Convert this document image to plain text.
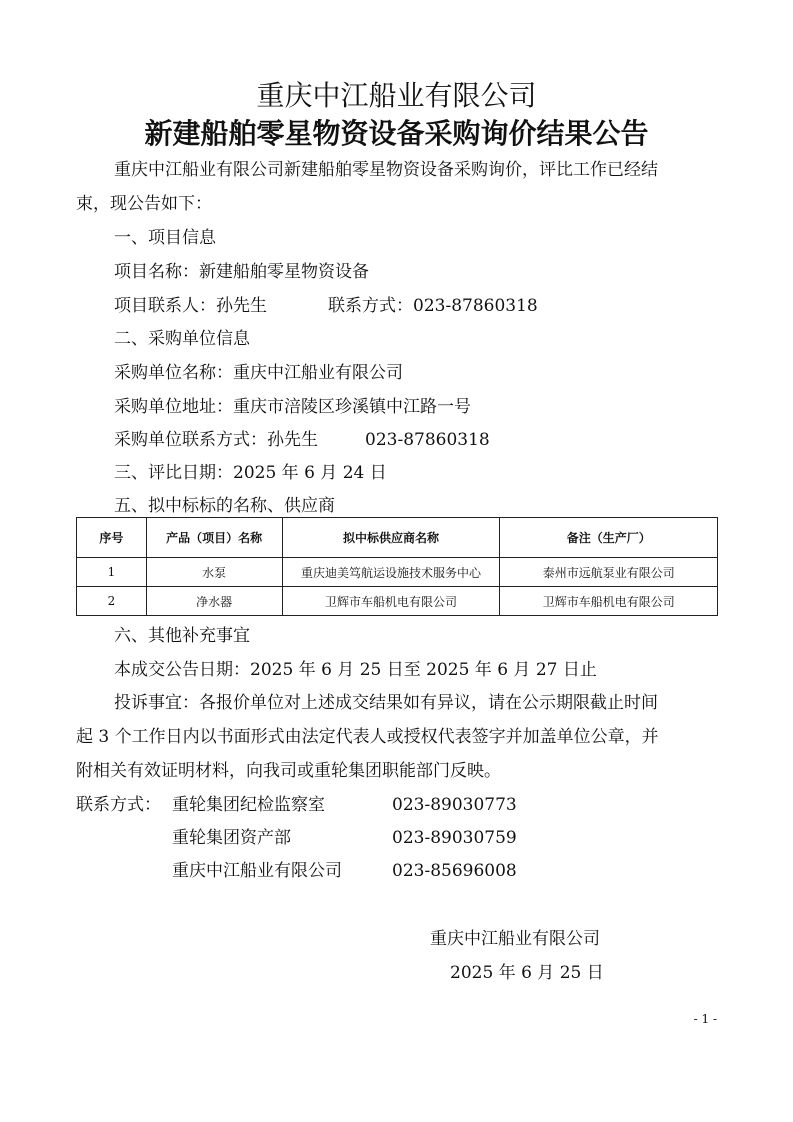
重庆中江船业有限公司
新建船舶零星物资设备采购询价结果公告
重庆中江船业有限公司新建船舶零星物资设备采购询价，评比工作已经结
束，现公告如下：
一、项目信息
项目名称：新建船舶零星物资设备
项目联系人：孙先生	联系方式：023-87860318
二、采购单位信息
采购单位名称：重庆中江船业有限公司
采购单位地址：重庆市涪陵区珍溪镇中江路一号
采购单位联系方式：孙先生	023-87860318
三、评比日期：2025 年 6 月 24 日
五、拟中标标的名称、供应商
序号	产品（项目）名称	拟中标供应商名称	备注（生产厂）
1	水泵	重庆迪美笃航运设施技术服务中心	泰州市远航泵业有限公司
2	净水器	卫辉市车船机电有限公司	卫辉市车船机电有限公司
六、其他补充事宜
本成交公告日期：2025 年 6 月 25 日至 2025 年 6 月 27 日止
投诉事宜：各报价单位对上述成交结果如有异议，请在公示期限截止时间
起 3 个工作日内以书面形式由法定代表人或授权代表签字并加盖单位公章，并
附相关有效证明材料，向我司或重轮集团职能部门反映。
联系方式： 重轮集团纪检监察室	023-89030773
重轮集团资产部	023-89030759
重庆中江船业有限公司	023-85696008
重庆中江船业有限公司
2025 年 6 月 25 日
- 1 -
